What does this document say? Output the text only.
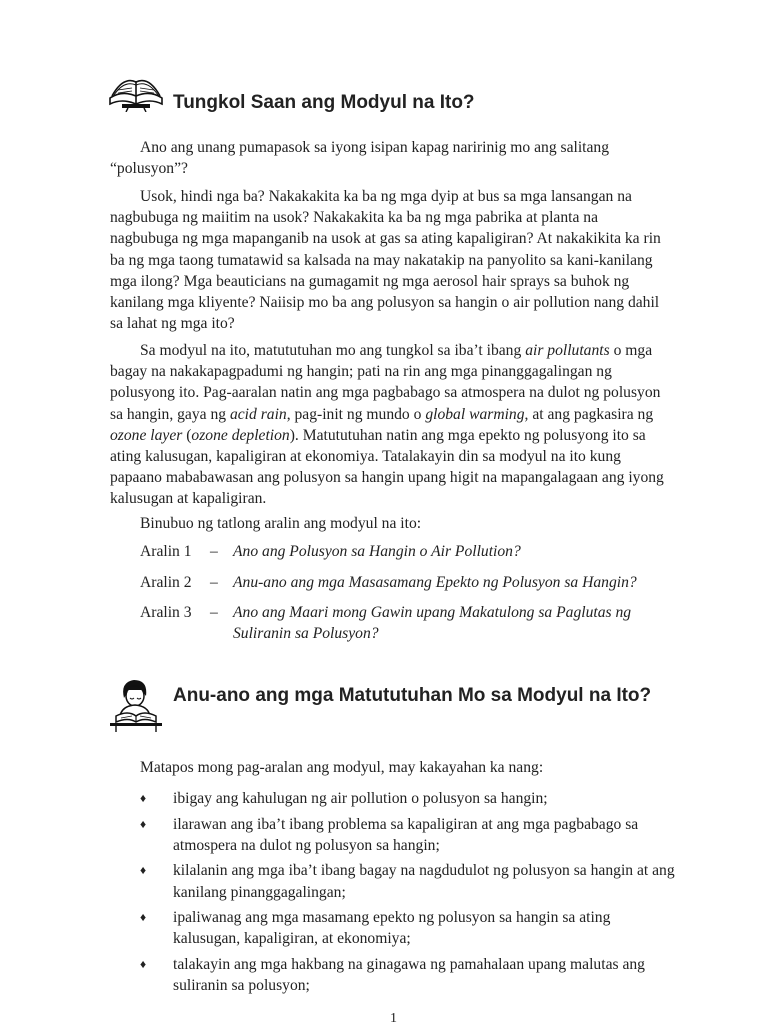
Tungkol Saan ang Modyul na Ito?

Ano ang unang pumapasok sa iyong isipan kapag naririnig mo ang salitang “polusyon”?

Usok, hindi nga ba? Nakakakita ka ba ng mga dyip at bus sa mga lansangan na nagbubuga ng maiitim na usok? Nakakakita ka ba ng mga pabrika at planta na nagbubuga ng mga mapanganib na usok at gas sa ating kapaligiran? At nakakikita ka rin ba ng mga taong tumatawid sa kalsada na may nakatakip na panyolito sa kani-kanilang mga ilong? Mga beauticians na gumagamit ng mga aerosol hair sprays sa buhok ng kanilang mga kliyente? Naiisip mo ba ang polusyon sa hangin o air pollution nang dahil sa lahat ng mga ito?

Sa modyul na ito, matututuhan mo ang tungkol sa iba’t ibang air pollutants o mga bagay na nakakapagpadumi ng hangin; pati na rin ang mga pinanggagalingan ng polusyong ito. Pag-aaralan natin ang mga pagbabago sa atmospera na dulot ng polusyon sa hangin, gaya ng acid rain, pag-init ng mundo o global warming, at ang pagkasira ng ozone layer (ozone depletion). Matututuhan natin ang mga epekto ng polusyong ito sa ating kalusugan, kapaligiran at ekonomiya. Tatalakayin din sa modyul na ito kung papaano mababawasan ang polusyon sa hangin upang higit na mapangalagaan ang iyong kalusugan at kapaligiran.

Binubuo ng tatlong aralin ang modyul na ito:

Aralin 1 – Ano ang Polusyon sa Hangin o Air Pollution?
Aralin 2 – Anu-ano ang mga Masasamang Epekto ng Polusyon sa Hangin?
Aralin 3 – Ano ang Maari mong Gawin upang Makatulong sa Paglutas ng Suliranin sa Polusyon?
Anu-ano ang mga Matututuhan Mo sa Modyul na Ito?
Matapos mong pag-aralan ang modyul, may kakayahan ka nang:
♦ ibigay ang kahulugan ng air pollution o polusyon sa hangin;
♦ ilarawan ang iba’t ibang problema sa kapaligiran at ang mga pagbabago sa atmospera na dulot ng polusyon sa hangin;
♦ kilalanin ang mga iba’t ibang bagay na nagdudulot ng polusyon sa hangin at ang kanilang pinanggagalingan;
♦ ipaliwanag ang mga masamang epekto ng polusyon sa hangin sa ating kalusugan, kapaligiran, at ekonomiya;
♦ talakayin ang mga hakbang na ginagawa ng pamahalaan upang malutas ang suliranin sa polusyon;
1
